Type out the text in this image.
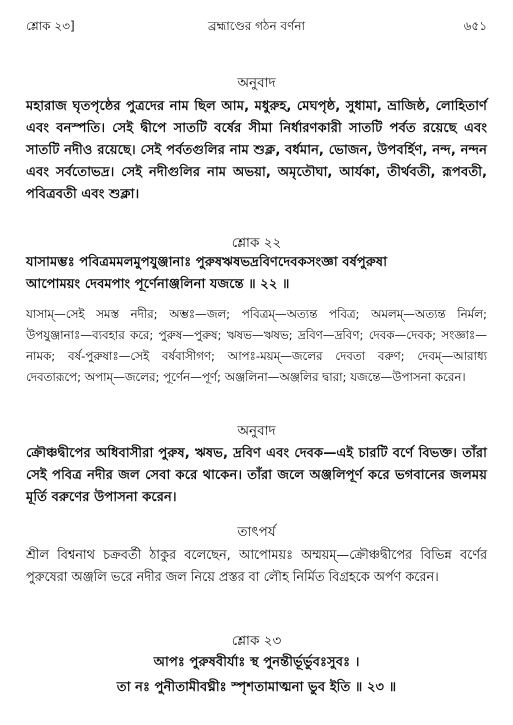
শ্লোক ২৩]	ব্রহ্মাণ্ডের গঠন বর্ণনা	৬৫১
অনুবাদ

মহারাজ ঘৃতপৃষ্ঠের পুত্রদের নাম ছিল আম, মধুরুহ, মেঘপৃষ্ঠ, সুধামা, ভ্রাজিষ্ঠ, লোহিতার্ণ এবং বনস্পতি। সেই দ্বীপে সাতটি বর্ষের সীমা নির্ধারণকারী সাতটি পর্বত রয়েছে এবং সাতটি নদীও রয়েছে। সেই পর্বতগুলির নাম শুক্ল, বর্ধমান, ভোজন, উপবর্হিণ, নন্দ, নন্দন এবং সর্বতোভদ্র। সেই নদীগুলির নাম অভয়া, অমৃতৌঘা, আর্যকা, তীর্থবতী, রূপবতী, পবিত্রবতী এবং শুক্লা।

শ্লোক ২২

যাসামম্ভঃ পবিত্রমমলমুপযুঞ্জানাঃ পুরুষঋষভদ্রবিণদেবকসংজ্ঞা বর্ষপুরুষা

আপোময়ং দেবমপাং পূর্ণেনাঞ্জলিনা যজন্তে ॥ ২২ ॥

যাসাম্—সেই সমস্ত নদীর; অম্ভঃ—জল; পবিত্রম্—অত্যন্ত পবিত্র; অমলম্—অত্যন্ত নির্মল; উপযুঞ্জানাঃ—ব্যবহার করে; পুরুষ—পুরুষ; ঋষভ—ঋষভ; দ্রবিণ—দ্রবিণ; দেবক—দেবক; সংজ্ঞাঃ—নামক; বর্ষ-পুরুষাঃ—সেই বর্ষবাসীগণ; আপঃ-ময়ম্—জলের দেবতা বরুণ; দেবম্—আরাধ্য দেবতারূপে; অপাম্—জলের; পূর্ণেন—পূর্ণ; অঞ্জলিনা—অঞ্জলির দ্বারা; যজন্তে—উপাসনা করেন।

অনুবাদ

ক্রৌঞ্চদ্বীপের অধিবাসীরা পুরুষ, ঋষভ, দ্রবিণ এবং দেবক—এই চারটি বর্ণে বিভক্ত। তাঁরা সেই পবিত্র নদীর জল সেবা করে থাকেন। তাঁরা জলে অঞ্জলিপূর্ণ করে ভগবানের জলময় মূর্তি বরুণের উপাসনা করেন।

তাৎপর্য

শ্রীল বিশ্বনাথ চক্রবর্তী ঠাকুর বলেছেন, আপোময়ঃ অম্ময়ম্—ক্রৌঞ্চদ্বীপের বিভিন্ন বর্ণের পুরুষেরা অঞ্জলি ভরে নদীর জল নিয়ে প্রস্তর বা লৌহ নির্মিত বিগ্রহকে অর্পণ করেন।

শ্লোক ২৩
আপঃ পুরুষবীর্যাঃ স্থ পুনন্তীর্ভূর্ভুবঃসুবঃ ।
তা নঃ পুনীতামীবঘ্নীঃ স্পৃশতামাত্মনা ভুব ইতি ॥ ২৩ ॥
